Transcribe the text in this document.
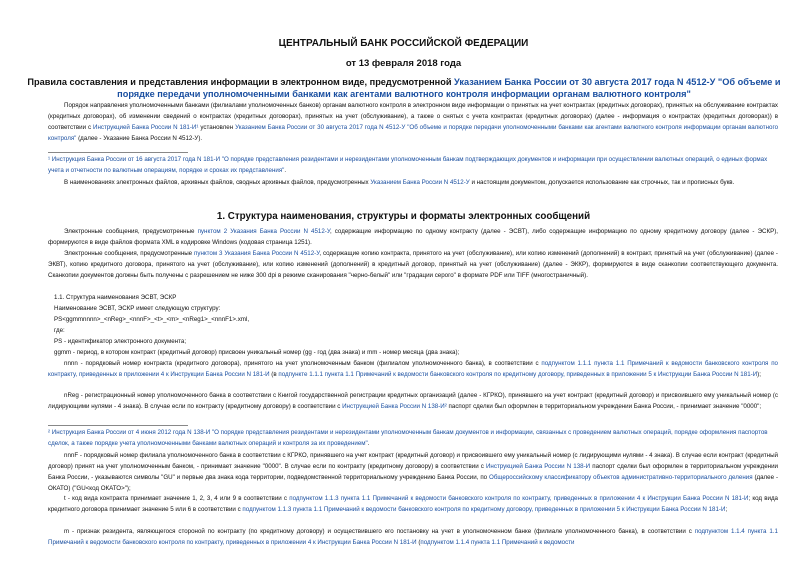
ЦЕНТРАЛЬНЫЙ БАНК РОССИЙСКОЙ ФЕДЕРАЦИИ
от 13 февраля 2018 года
Правила составления и представления информации в электронном виде, предусмотренной Указанием Банка России от 30 августа 2017 года N 4512-У "Об объеме и порядке передачи уполномоченными банками как агентами валютного контроля информации органам валютного контроля"

Порядок направления уполномоченными банками (филиалами уполномоченных банков) органам валютного контроля в электронном виде информации о принятых на учет контрактах (кредитных договорах), принятых на обслуживание контрактах (кредитных договорах), об изменении сведений о контрактах (кредитных договорах), принятых на учет (обслуживание), а также о снятых с учета контрактах (кредитных договорах) (далее - информация о контрактах (кредитных договорах)) в соответствии с Инструкцией Банка России N 181-И¹ установлен Указанием Банка России от 30 августа 2017 года N 4512-У "Об объеме и порядке передачи уполномоченными банками как агентами валютного контроля информации органам валютного контроля" (далее - Указание Банка России N 4512-У).

¹ Инструкция Банка России от 16 августа 2017 года N 181-И "О порядке представления резидентами и нерезидентами уполномоченным банкам подтверждающих документов и информации при осуществлении валютных операций, о единых формах учета и отчетности по валютным операциям, порядке и сроках их представления".

В наименованиях электронных файлов, архивных файлов, сводных архивных файлов, предусмотренных Указанием Банка России N 4512-У и настоящим документом, допускается использование как строчных, так и прописных букв.

1. Структура наименования, структуры и форматы электронных сообщений

Электронные сообщения, предусмотренные пунктом 2 Указания Банка России N 4512-У, содержащие информацию по одному контракту (далее - ЭСВТ), либо содержащие информацию по одному кредитному договору (далее - ЭСКР), формируются в виде файлов формата XML в кодировке Windows (кодовая страница 1251).

Электронные сообщения, предусмотренные пунктом 3 Указания Банка России N 4512-У, содержащие копию контракта, принятого на учет (обслуживание), или копию изменений (дополнений) в контракт, принятый на учет (обслуживание) (далее - ЭКВТ), копию кредитного договора, принятого на учет (обслуживание), или копию изменений (дополнений) в кредитный договор, принятый на учет (обслуживание) (далее - ЭККР), формируются в виде сканкопии соответствующего документа. Сканкопии документов должны быть получены с разрешением не ниже 300 dpi в режиме сканирования "черно-белый" или "градации серого" в формате PDF или TIFF (многостраничный).

1.1. Структура наименования ЭСВТ, ЭСКР
Наименование ЭСВТ, ЭСКР имеет следующую структуру:
PS<ggmmnnnn>_<nReg>_<nnnF>_<t>_<m>_<nReg1>_<nnnF1>.xml,
где:
PS - идентификатор электронного документа;
ggmm - период, в котором контракт (кредитный договор) присвоен уникальный номер (gg - год (два знака) и mm - номер месяца (два знака);

nnnn - порядковый номер контракта (кредитного договора), принятого на учет уполномоченным банком (филиалом уполномоченного банка), в соответствии с подпунктом 1.1.1 пункта 1.1 Примечаний к ведомости банковского контроля по контракту, приведенных в приложении 4 к Инструкции Банка России N 181-И (в подпункте 1.1.1 пункта 1.1 Примечаний к ведомости банковского контроля по кредитному договору, приведенных в приложении 5 к Инструкции Банка России N 181-И);

nReg - регистрационный номер уполномоченного банка в соответствии с Книгой государственной регистрации кредитных организаций (далее - КГРКО), принявшего на учет контракт (кредитный договор) и присвоившего ему уникальный номер (с лидирующими нулями - 4 знака). В случае если по контракту (кредитному договору) в соответствии с Инструкцией Банка России N 138-И² паспорт сделки был оформлен в территориальном учреждении Банка России, - принимает значение "0000";

² Инструкция Банка России от 4 июня 2012 года N 138-И "О порядке представления резидентами и нерезидентами уполномоченным банкам документов и информации, связанных с проведением валютных операций, порядке оформления паспортов сделок, а также порядке учета уполномоченными банками валютных операций и контроля за их проведением".

nnnF - порядковый номер филиала уполномоченного банка в соответствии с КГРКО, принявшего на учет контракт (кредитный договор) и присвоившего ему уникальный номер (с лидирующими нулями - 4 знака). В случае если контракт (кредитный договор) принят на учет уполномоченным банком, - принимает значение "0000". В случае если по контракту (кредитному договору) в соответствии с Инструкцией Банка России N 138-И паспорт сделки был оформлен в территориальном учреждении Банка России, - указываются символы "GU" и первые два знака кода территории, подведомственной территориальному учреждению Банка России, по Общероссийскому классификатору объектов административно-территориального деления (далее - ОКАТО) ("GU<код ОКАТО>");

t - код вида контракта принимает значение 1, 2, 3, 4 или 9 в соответствии с подпунктом 1.1.3 пункта 1.1 Примечаний к ведомости банковского контроля по контракту, приведенных в приложении 4 к Инструкции Банка России N 181-И; код вида кредитного договора принимает значение 5 или 6 в соответствии с подпунктом 1.1.3 пункта 1.1 Примечаний к ведомости банковского контроля по кредитному договору, приведенных в приложении 5 к Инструкции Банка России N 181-И;

m - признак резидента, являющегося стороной по контракту (по кредитному договору) и осуществившего его постановку на учет в уполномоченном банке (филиале уполномоченного банка), в соответствии с подпунктом 1.1.4 пункта 1.1 Примечаний к ведомости банковского контроля по контракту, приведенных в приложении 4 к Инструкции Банка России N 181-И (подпунктом 1.1.4 пункта 1.1 Примечаний к ведомости
